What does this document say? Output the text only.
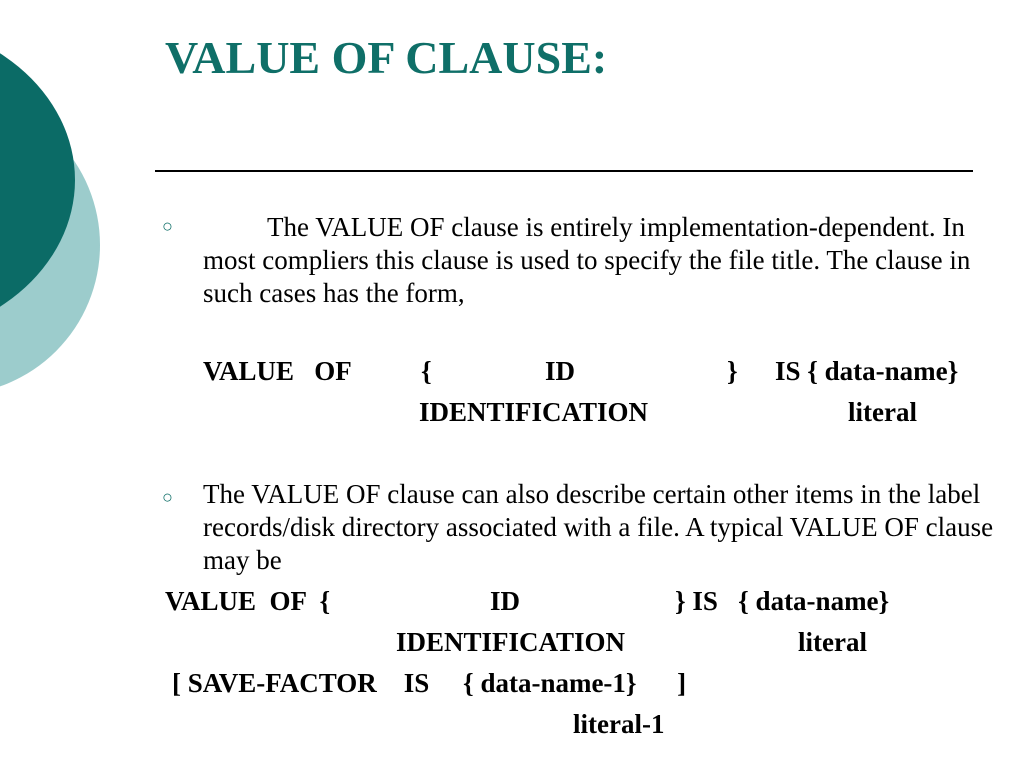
VALUE OF CLAUSE:
○	The VALUE OF clause is entirely implementation-dependent. In most compliers this clause is used to specify the file title. The clause in such cases has the form,

VALUE   OF	{	ID	} IS { data-name}
IDENTIFICATION	literal
○ The VALUE OF clause can also describe certain other items in the label records/disk directory associated with a file. A typical VALUE OF clause may be

VALUE  OF  {	ID	} IS   { data-name}
IDENTIFICATION	literal
[ SAVE-FACTOR    IS     { data-name-1}      ]
literal-1
